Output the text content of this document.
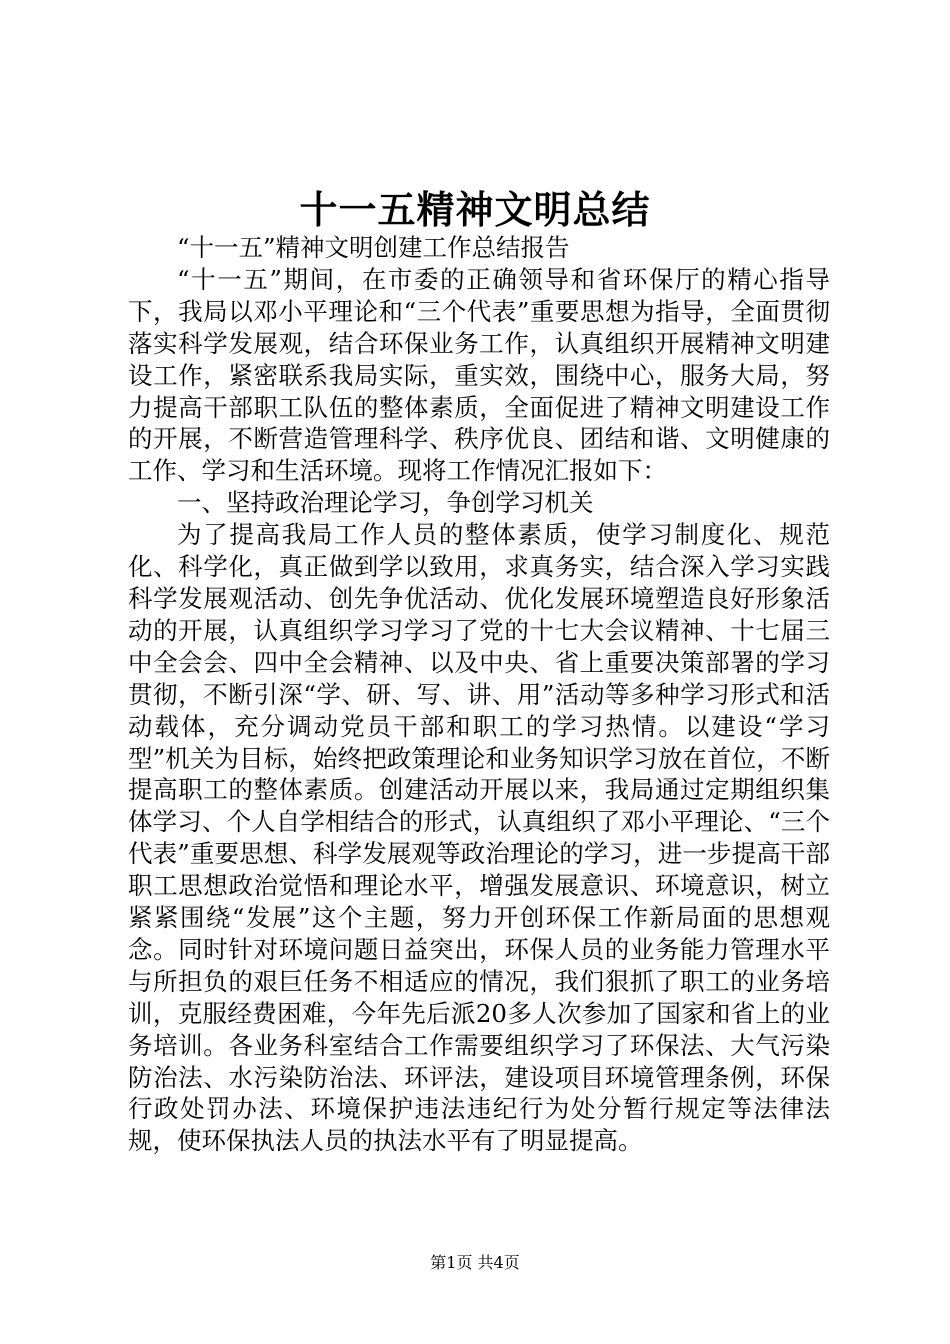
十一五精神文明总结

“十一五”精神文明创建工作总结报告

“十一五”期间，在市委的正确领导和省环保厅的精心指导下，我局以邓小平理论和“三个代表”重要思想为指导，全面贯彻落实科学发展观，结合环保业务工作，认真组织开展精神文明建设工作，紧密联系我局实际，重实效，围绕中心，服务大局，努力提高干部职工队伍的整体素质，全面促进了精神文明建设工作的开展，不断营造管理科学、秩序优良、团结和谐、文明健康的工作、学习和生活环境。现将工作情况汇报如下：

一、坚持政治理论学习，争创学习机关

为了提高我局工作人员的整体素质，使学习制度化、规范化、科学化，真正做到学以致用，求真务实，结合深入学习实践科学发展观活动、创先争优活动、优化发展环境塑造良好形象活动的开展，认真组织学习学习了党的十七大会议精神、十七届三中全会会、四中全会精神、以及中央、省上重要决策部署的学习贯彻，不断引深“学、研、写、讲、用”活动等多种学习形式和活动载体，充分调动党员干部和职工的学习热情。以建设“学习型”机关为目标，始终把政策理论和业务知识学习放在首位，不断提高职工的整体素质。创建活动开展以来，我局通过定期组织集体学习、个人自学相结合的形式，认真组织了邓小平理论、“三个代表”重要思想、科学发展观等政治理论的学习，进一步提高干部职工思想政治觉悟和理论水平，增强发展意识、环境意识，树立紧紧围绕“发展”这个主题，努力开创环保工作新局面的思想观念。同时针对环境问题日益突出，环保人员的业务能力管理水平与所担负的艰巨任务不相适应的情况，我们狠抓了职工的业务培训，克服经费困难，今年先后派20多人次参加了国家和省上的业务培训。各业务科室结合工作需要组织学习了环保法、大气污染防治法、水污染防治法、环评法，建设项目环境管理条例，环保行政处罚办法、环境保护违法违纪行为处分暂行规定等法律法规，使环保执法人员的执法水平有了明显提高。

第1页 共4页
